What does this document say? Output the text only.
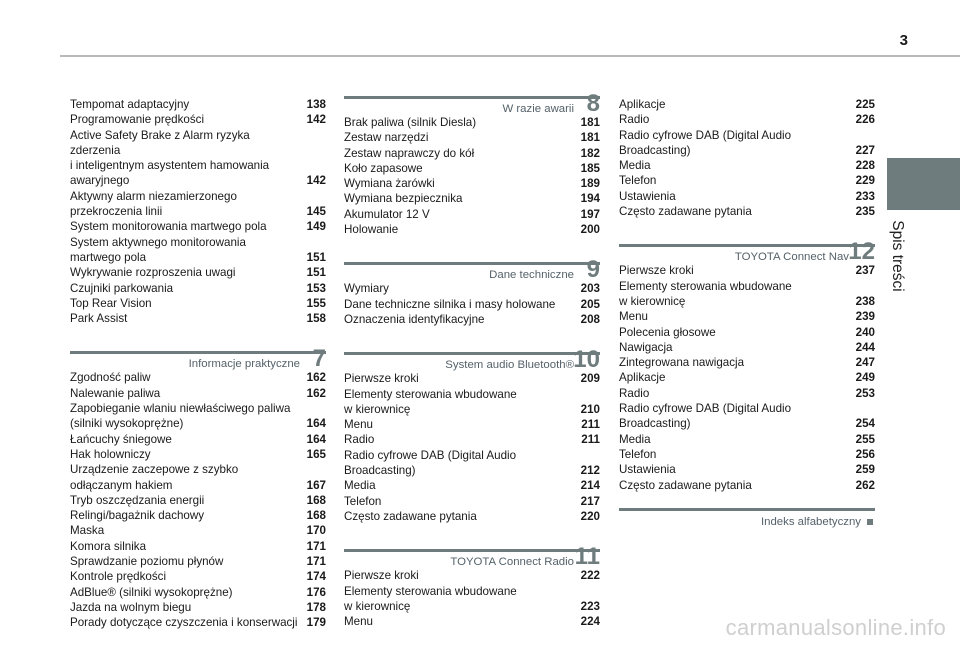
3
Spis treści
Tempomat adaptacyjny	138
Programowanie prędkości	142
Active Safety Brake z Alarm ryzyka zderzenia
i inteligentnym asystentem hamowania
awaryjnego	142
Aktywny alarm niezamierzonego
przekroczenia linii	145
System monitorowania martwego pola	149
System aktywnego monitorowania
martwego pola	151
Wykrywanie rozproszenia uwagi	151
Czujniki parkowania	153
Top Rear Vision	155
Park Assist	158
Informacje praktyczne 7
Zgodność paliw	162
Nalewanie paliwa	162
Zapobieganie wlaniu niewłaściwego paliwa
(silniki wysokoprężne)	164
Łańcuchy śniegowe	164
Hak holowniczy	165
Urządzenie zaczepowe z szybko
odłączanym hakiem	167
Tryb oszczędzania energii	168
Relingi/bagażnik dachowy	168
Maska	170
Komora silnika	171
Sprawdzanie poziomu płynów	171
Kontrole prędkości	174
AdBlue® (silniki wysokoprężne)	176
Jazda na wolnym biegu	178
Porady dotyczące czyszczenia i konserwacji 179
W razie awarii 8
Brak paliwa (silnik Diesla)	181
Zestaw narzędzi	181
Zestaw naprawczy do kół	182
Koło zapasowe	185
Wymiana żarówki	189
Wymiana bezpiecznika	194
Akumulator 12 V	197
Holowanie	200
Dane techniczne 9
Wymiary	203
Dane techniczne silnika i masy holowane	205
Oznaczenia identyfikacyjne	208
System audio Bluetooth® 10
Pierwsze kroki	209
Elementy sterowania wbudowane
w kierownicę	210
Menu	211
Radio	211
Radio cyfrowe DAB (Digital Audio Broadcasting)	212
Media	214
Telefon	217
Często zadawane pytania	220
TOYOTA Connect Radio 11
Pierwsze kroki	222
Elementy sterowania wbudowane
w kierownicę	223
Menu	224
Aplikacje	225
Radio	226
Radio cyfrowe DAB (Digital Audio
Broadcasting)	227
Media	228
Telefon	229
Ustawienia	233
Często zadawane pytania	235
TOYOTA Connect Nav 12
Pierwsze kroki	237
Elementy sterowania wbudowane
w kierownicę	238
Menu	239
Polecenia głosowe	240
Nawigacja	244
Zintegrowana nawigacja	247
Aplikacje	249
Radio	253
Radio cyfrowe DAB (Digital Audio
Broadcasting)	254
Media	255
Telefon	256
Ustawienia	259
Często zadawane pytania	262
Indeks alfabetyczny
carmanualsonline.info
